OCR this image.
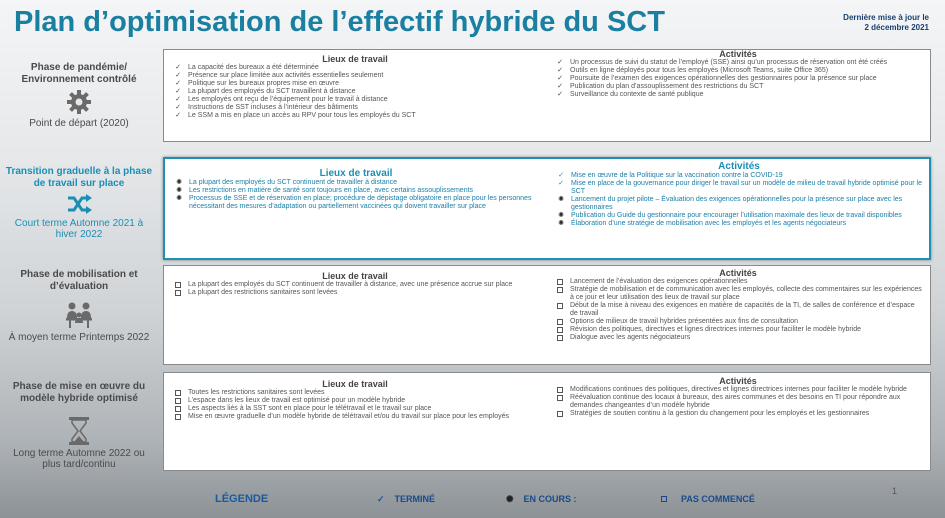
Plan d’optimisation de l’effectif hybride du SCT	Dernière mise à jour le
2 décembre 2021
Phase de pandémie/ Environnement contrôlé
Point de départ (2020)
Lieux de travail
✓	La capacité des bureaux a été déterminée
✓	Présence sur place limitée aux activités essentielles seulement
✓	Politique sur les bureaux propres mise en œuvre
✓	La plupart des employés du SCT travaillent à distance
✓	Les employés ont reçu de l’équipement pour le travail à distance
✓	Instructions de SST incluses à l’intérieur des bâtiments
✓	Le SSM a mis en place un accès au RPV pour tous les employés du SCT
Activités
✓	Un processus de suivi du statut de l’employé (SSE) ainsi qu’un processus de réservation ont été créés
✓	Outils en ligne déployés pour tous les employés (Microsoft Teams, suite Office 365)
✓	Poursuite de l’examen des exigences opérationnelles des gestionnaires pour la présence sur place
✓	Publication du plan d’assouplissement des restrictions du SCT
✓	Surveillance du contexte de santé publique
Transition graduelle à la phase de travail sur place
Court terme Automne 2021 à hiver 2022
Lieux de travail
✺	La plupart des employés du SCT continuent de travailler à distance
✺	Les restrictions en matière de santé sont toujours en place, avec certains assouplissements
✺	Processus de SSE et de réservation en place; procédure de dépistage obligatoire en place pour les personnes nécessitant des mesures d’adaptation ou partiellement vaccinées qui doivent travailler sur place
Activités
✓	Mise en œuvre de la Politique sur la vaccination contre la COVID-19
✓	Mise en place de la gouvernance pour diriger le travail sur un modèle de milieu de travail hybride optimisé pour le SCT
✺	Lancement du projet pilote – Évaluation des exigences opérationnelles pour la présence sur place avec les gestionnaires
✺	Publication du Guide du gestionnaire pour encourager l’utilisation maximale des lieux de travail disponibles
✺	Élaboration d’une stratégie de mobilisation avec les employés et les agents négociateurs
Phase de mobilisation et d’évaluation
À moyen terme Printemps 2022
Lieux de travail
La plupart des employés du SCT continuent de travailler à distance, avec une présence accrue sur place
La plupart des restrictions sanitaires sont levées
Activités
Lancement de l’évaluation des exigences opérationnelles
Stratégie de mobilisation et de communication avec les employés, collecte des commentaires sur les expériences à ce jour et leur utilisation des lieux de travail sur place
Début de la mise à niveau des exigences en matière de capacités de la TI, de salles de conférence et d’espace de travail
Options de milieux de travail hybrides présentées aux fins de consultation
Révision des politiques, directives et lignes directrices internes pour faciliter le modèle hybride
Dialogue avec les agents négociateurs
Phase de mise en œuvre du modèle hybride optimisé
Long terme Automne 2022 ou plus tard/continu
Lieux de travail
Toutes les restrictions sanitaires sont levées
L’espace dans les lieux de travail est optimisé pour un modèle hybride
Les aspects liés à la SST sont en place pour le télétravail et le travail sur place
Mise en œuvre graduelle d’un modèle hybride de télétravail et/ou du travail sur place pour les employés
Activités
Modifications continues des politiques, directives et lignes directrices internes pour faciliter le modèle hybride
Réévaluation continue des locaux à bureaux, des aires communes et des besoins en TI pour répondre aux demandes changeantes d’un modèle hybride
Stratégies de soutien continu à la gestion du changement pour les employés et les gestionnaires
LÉGENDE	✓ TERMINÉ	✺ EN COURS :	PAS COMMENCÉ
1
